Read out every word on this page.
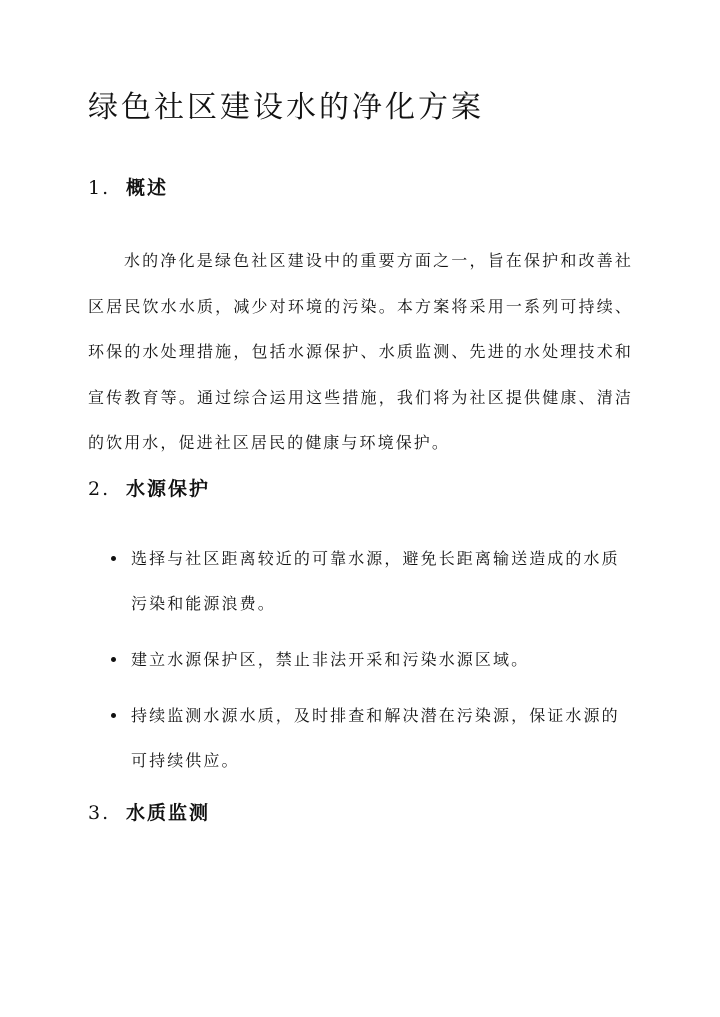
绿色社区建设水的净化方案
1. 概述

水的净化是绿色社区建设中的重要方面之一，旨在保护和改善社区居民饮水水质，减少对环境的污染。本方案将采用一系列可持续、环保的水处理措施，包括水源保护、水质监测、先进的水处理技术和宣传教育等。通过综合运用这些措施，我们将为社区提供健康、清洁的饮用水，促进社区居民的健康与环境保护。

2. 水源保护
选择与社区距离较近的可靠水源，避免长距离输送造成的水质污染和能源浪费。
建立水源保护区，禁止非法开采和污染水源区域。
持续监测水源水质，及时排查和解决潜在污染源，保证水源的可持续供应。
3. 水质监测
